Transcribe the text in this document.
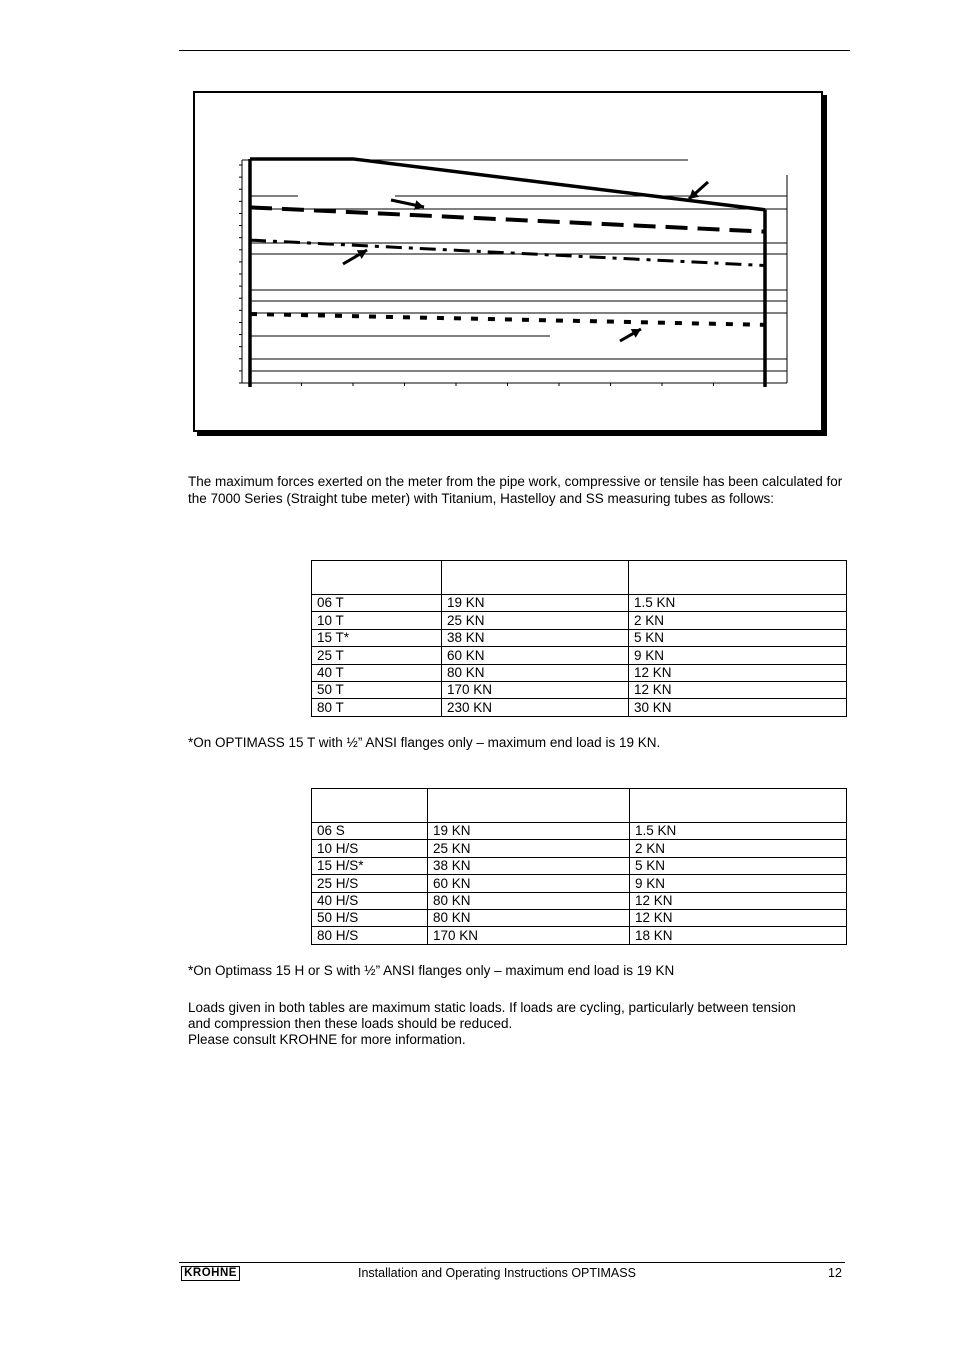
The maximum forces exerted on the meter from the pipe work, compressive or tensile has been calculated for the 7000 Series (Straight tube meter) with Titanium, Hastelloy and SS measuring tubes as follows:

06 T	19 KN	1.5 KN
10 T	25 KN	2 KN
15 T*	38 KN	5 KN
25 T	60 KN	9 KN
40 T	80 KN	12 KN
50 T	170 KN	12 KN
80 T	230 KN	30 KN

*On OPTIMASS 15 T with ½” ANSI flanges only – maximum end load is 19 KN.

06 S	19 KN	1.5 KN
10 H/S	25 KN	2 KN
15 H/S*	38 KN	5 KN
25 H/S	60 KN	9 KN
40 H/S	80 KN	12 KN
50 H/S	80 KN	12 KN
80 H/S	170 KN	18 KN

*On Optimass 15 H or S with ½” ANSI flanges only – maximum end load is 19 KN

Loads given in both tables are maximum static loads. If loads are cycling, particularly between tension

and compression then these loads should be reduced.

Please consult KROHNE for more information.

KROHNE	Installation and Operating Instructions OPTIMASS	12
